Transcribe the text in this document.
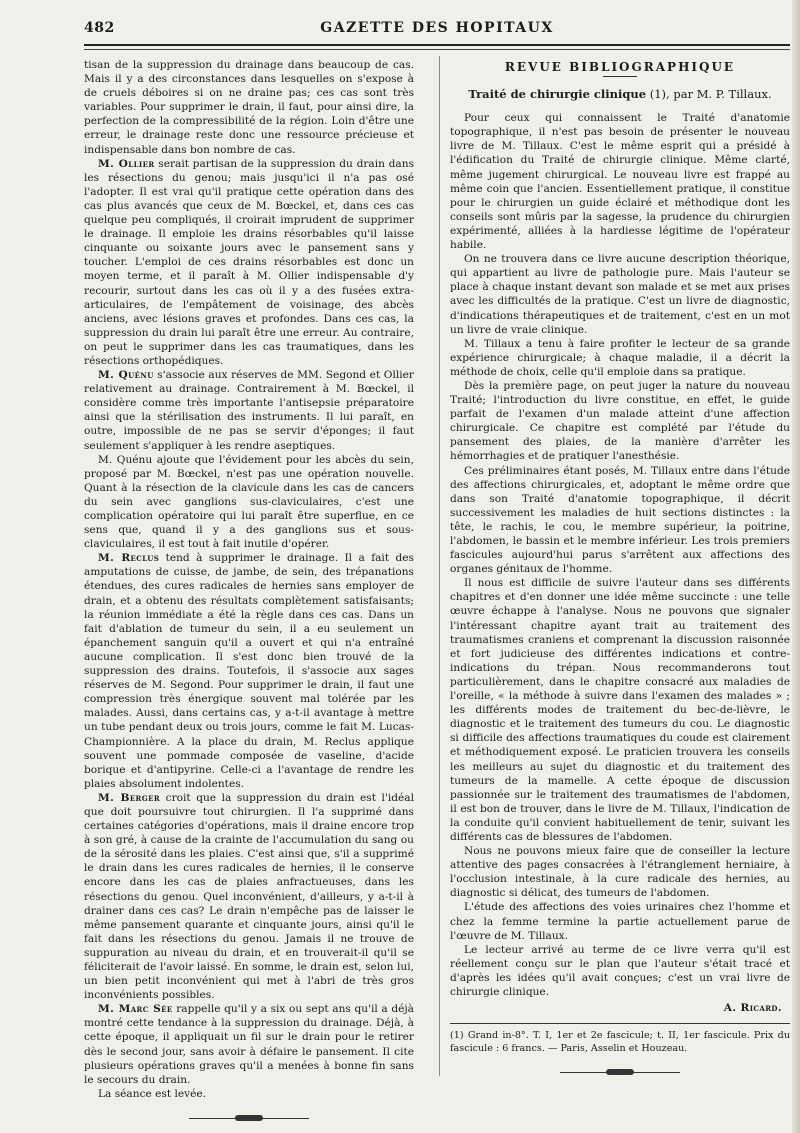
482	GAZETTE DES HOPITAUX

tisan de la suppression du drainage dans beaucoup de cas. Mais il y a des circonstances dans lesquelles on s'expose à de cruels déboires si on ne draine pas; ces cas sont très variables. Pour supprimer le drain, il faut, pour ainsi dire, la perfection de la compressibilité de la région. Loin d'être une erreur, le drainage reste donc une ressource précieuse et indispensable dans bon nombre de cas.

M. Ollier serait partisan de la suppression du drain dans les résections du genou; mais jusqu'ici il n'a pas osé l'adopter. Il est vrai qu'il pratique cette opération dans des cas plus avancés que ceux de M. Bœckel, et, dans ces cas quelque peu compliqués, il croirait imprudent de supprimer le drainage. Il emploie les drains résorbables qu'il laisse cinquante ou soixante jours avec le pansement sans y toucher. L'emploi de ces drains résorbables est donc un moyen terme, et il paraît à M. Ollier indispensable d'y recourir, surtout dans les cas où il y a des fusées extra-articulaires, de l'empâtement de voisinage, des abcès anciens, avec lésions graves et profondes. Dans ces cas, la suppression du drain lui paraît être une erreur. Au contraire, on peut le supprimer dans les cas traumatiques, dans les résections orthopédiques.

M. Quénu s'associe aux réserves de MM. Segond et Ollier relativement au drainage. Contrairement à M. Bœckel, il considère comme très importante l'antisepsie préparatoire ainsi que la stérilisation des instruments. Il lui paraît, en outre, impossible de ne pas se servir d'éponges; il faut seulement s'appliquer à les rendre aseptiques.

M. Quénu ajoute que l'évidement pour les abcès du sein, proposé par M. Bœckel, n'est pas une opération nouvelle. Quant à la résection de la clavicule dans les cas de cancers du sein avec ganglions sus-claviculaires, c'est une complication opératoire qui lui paraît être superflue, en ce sens que, quand il y a des ganglions sus et sous-claviculaires, il est tout à fait inutile d'opérer.

M. Reclus tend à supprimer le drainage. Il a fait des amputations de cuisse, de jambe, de sein, des trépanations étendues, des cures radicales de hernies sans employer de drain, et a obtenu des résultats complètement satisfaisants; la réunion immédiate a été la règle dans ces cas. Dans un fait d'ablation de tumeur du sein, il a eu seulement un épanchement sanguin qu'il a ouvert et qui n'a entraîné aucune complication. Il s'est donc bien trouvé de la suppression des drains. Toutefois, il s'associe aux sages réserves de M. Segond. Pour supprimer le drain, il faut une compression très énergique souvent mal tolérée par les malades. Aussi, dans certains cas, y a-t-il avantage à mettre un tube pendant deux ou trois jours, comme le fait M. Lucas-Championnière. A la place du drain, M. Reclus applique souvent une pommade composée de vaseline, d'acide borique et d'antipyrine. Celle-ci a l'avantage de rendre les plaies absolument indolentes.

M. Berger croit que la suppression du drain est l'idéal que doit poursuivre tout chirurgien. Il l'a supprimé dans certaines catégories d'opérations, mais il draine encore trop à son gré, à cause de la crainte de l'accumulation du sang ou de la sérosité dans les plaies. C'est ainsi que, s'il a supprimé le drain dans les cures radicales de hernies, il le conserve encore dans les cas de plaies anfractueuses, dans les résections du genou. Quel inconvénient, d'ailleurs, y a-t-il à drainer dans ces cas? Le drain n'empêche pas de laisser le même pansement quarante et cinquante jours, ainsi qu'il le fait dans les résections du genou. Jamais il ne trouve de suppuration au niveau du drain, et en trouverait-il qu'il se féliciterait de l'avoir laissé. En somme, le drain est, selon lui, un bien petit inconvénient qui met à l'abri de très gros inconvénients possibles.

M. Marc Sée rappelle qu'il y a six ou sept ans qu'il a déjà montré cette tendance à la suppression du drainage. Déjà, à cette époque, il appliquait un fil sur le drain pour le retirer dès le second jour, sans avoir à défaire le pansement. Il cite plusieurs opérations graves qu'il a menées à bonne fin sans le secours du drain.

La séance est levée.

REVUE BIBLIOGRAPHIQUE
Traité de chirurgie clinique (1), par M. P. Tillaux.

Pour ceux qui connaissent le Traité d'anatomie topographique, il n'est pas besoin de présenter le nouveau livre de M. Tillaux. C'est le même esprit qui a présidé à l'édification du Traité de chirurgie clinique. Même clarté, même jugement chirurgical. Le nouveau livre est frappé au même coin que l'ancien. Essentiellement pratique, il constitue pour le chirurgien un guide éclairé et méthodique dont les conseils sont mûris par la sagesse, la prudence du chirurgien expérimenté, alliées à la hardiesse légitime de l'opérateur habile.

On ne trouvera dans ce livre aucune description théorique, qui appartient au livre de pathologie pure. Mais l'auteur se place à chaque instant devant son malade et se met aux prises avec les difficultés de la pratique. C'est un livre de diagnostic, d'indications thérapeutiques et de traitement, c'est en un mot un livre de vraie clinique.

M. Tillaux a tenu à faire profiter le lecteur de sa grande expérience chirurgicale; à chaque maladie, il a décrit la méthode de choix, celle qu'il emploie dans sa pratique.

Dès la première page, on peut juger la nature du nouveau Traité; l'introduction du livre constitue, en effet, le guide parfait de l'examen d'un malade atteint d'une affection chirurgicale. Ce chapitre est complété par l'étude du pansement des plaies, de la manière d'arrêter les hémorrhagies et de pratiquer l'anesthésie.

Ces préliminaires étant posés, M. Tillaux entre dans l'étude des affections chirurgicales, et, adoptant le même ordre que dans son Traité d'anatomie topographique, il décrit successivement les maladies de huit sections distinctes : la tête, le rachis, le cou, le membre supérieur, la poitrine, l'abdomen, le bassin et le membre inférieur. Les trois premiers fascicules aujourd'hui parus s'arrêtent aux affections des organes génitaux de l'homme.

Il nous est difficile de suivre l'auteur dans ses différents chapitres et d'en donner une idée même succincte : une telle œuvre échappe à l'analyse. Nous ne pouvons que signaler l'intéressant chapitre ayant trait au traitement des traumatismes craniens et comprenant la discussion raisonnée et fort judicieuse des différentes indications et contre-indications du trépan. Nous recommanderons tout particulièrement, dans le chapitre consacré aux maladies de l'oreille, « la méthode à suivre dans l'examen des malades » ; les différents modes de traitement du bec-de-lièvre, le diagnostic et le traitement des tumeurs du cou. Le diagnostic si difficile des affections traumatiques du coude est clairement et méthodiquement exposé. Le praticien trouvera les conseils les meilleurs au sujet du diagnostic et du traitement des tumeurs de la mamelle. A cette époque de discussion passionnée sur le traitement des traumatismes de l'abdomen, il est bon de trouver, dans le livre de M. Tillaux, l'indication de la conduite qu'il convient habituellement de tenir, suivant les différents cas de blessures de l'abdomen.

Nous ne pouvons mieux faire que de conseiller la lecture attentive des pages consacrées à l'étranglement herniaire, à l'occlusion intestinale, à la cure radicale des hernies, au diagnostic si délicat, des tumeurs de l'abdomen.

L'étude des affections des voies urinaires chez l'homme et chez la femme termine la partie actuellement parue de l'œuvre de M. Tillaux.

Le lecteur arrivé au terme de ce livre verra qu'il est réellement conçu sur le plan que l'auteur s'était tracé et d'après les idées qu'il avait conçues; c'est un vrai livre de chirurgie clinique.

A. Ricard.

(1) Grand in-8°. T. I, 1er et 2e fascicule; t. II, 1er fascicule. Prix du fascicule : 6 francs. — Paris, Asselin et Houzeau.
